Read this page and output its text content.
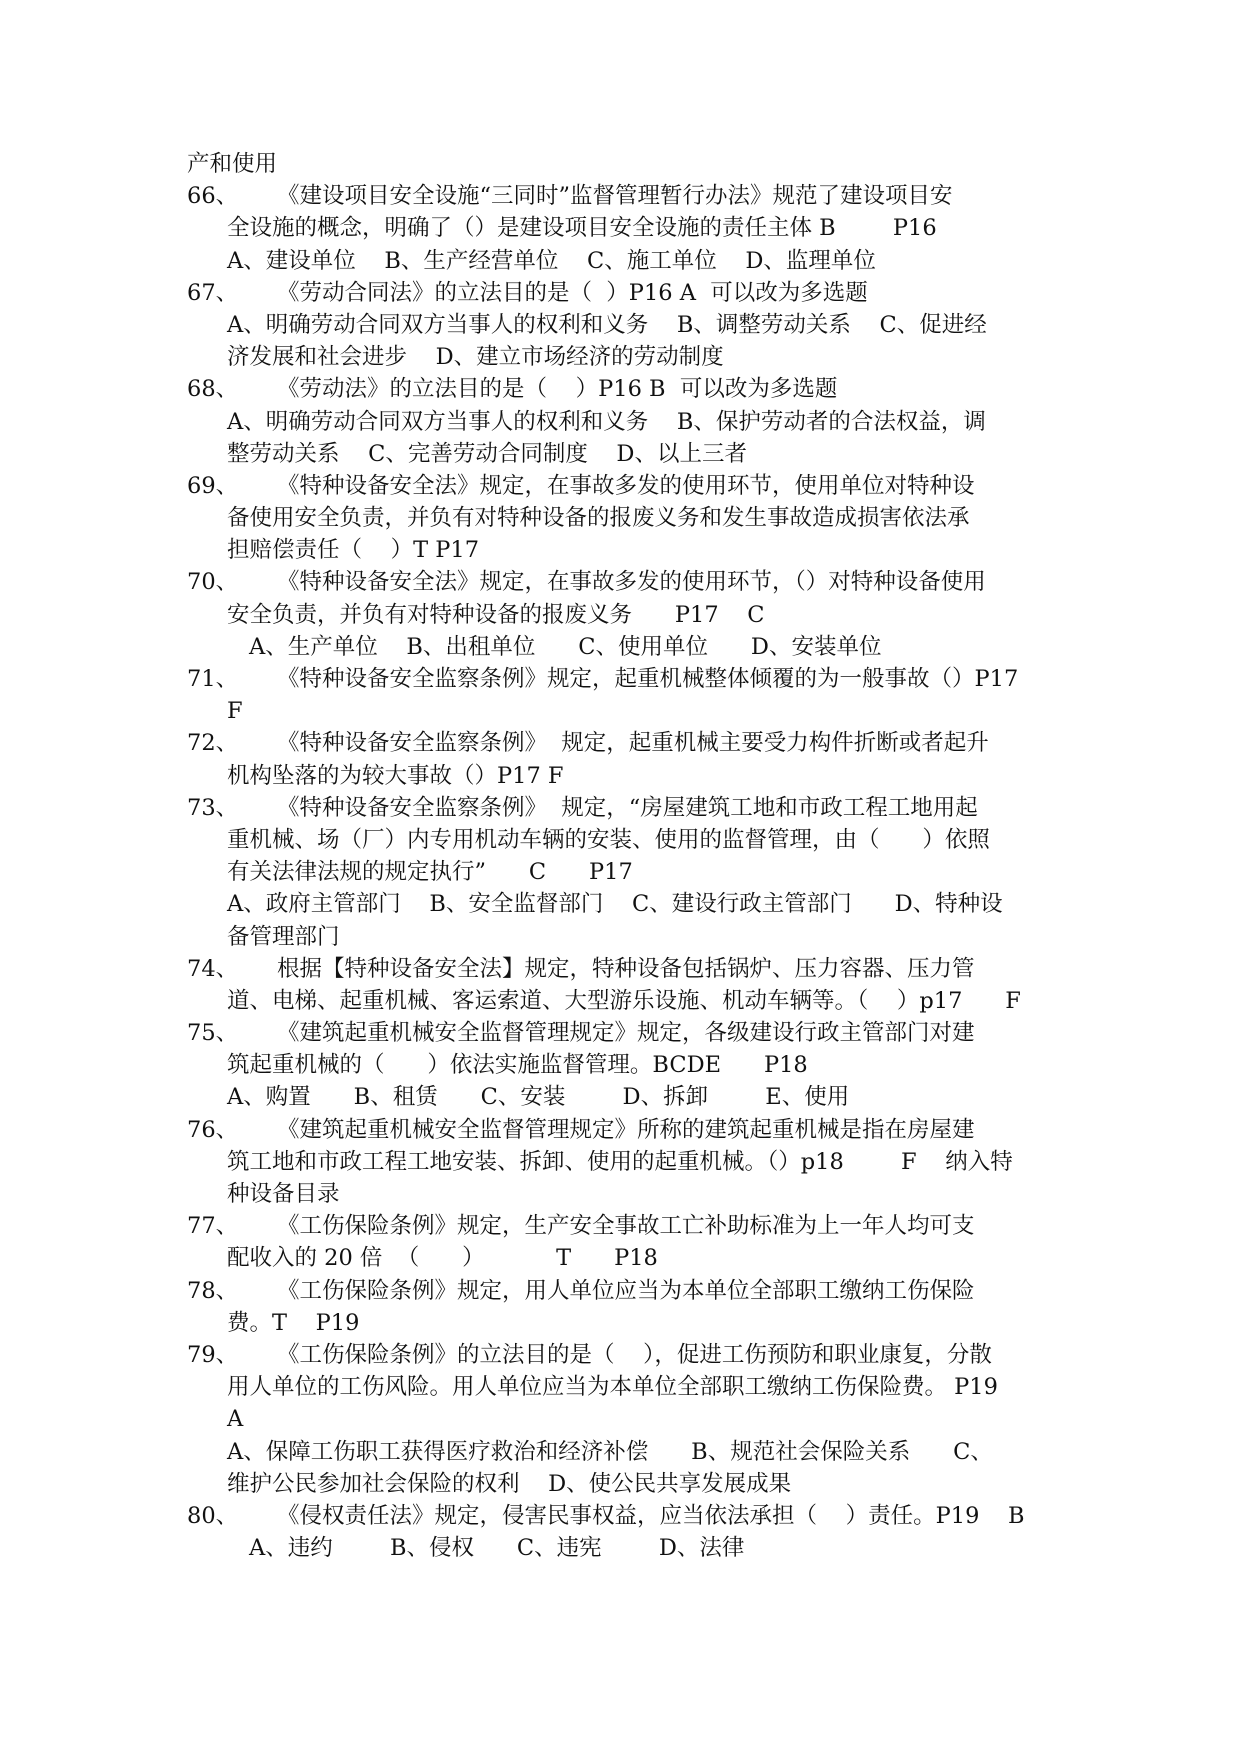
产和使用
66、	《建设项目安全设施“三同时”监督管理暂行办法》规范了建设项目安
全设施的概念，明确了（）是建设项目安全设施的责任主体 B        P16
A、建设单位    B、生产经营单位    C、施工单位    D、监理单位
67、	《劳动合同法》的立法目的是（  ）P16 A  可以改为多选题
A、明确劳动合同双方当事人的权利和义务    B、调整劳动关系    C、促进经
济发展和社会进步    D、建立市场经济的劳动制度
68、	《劳动法》的立法目的是（    ）P16 B  可以改为多选题
A、明确劳动合同双方当事人的权利和义务    B、保护劳动者的合法权益，调
整劳动关系    C、完善劳动合同制度    D、以上三者
69、	《特种设备安全法》规定，在事故多发的使用环节，使用单位对特种设
备使用安全负责，并负有对特种设备的报废义务和发生事故造成损害依法承
担赔偿责任（    ）T P17
70、	《特种设备安全法》规定，在事故多发的使用环节，（）对特种设备使用
安全负责，并负有对特种设备的报废义务      P17    C
A、生产单位    B、出租单位      C、使用单位      D、安装单位
71、	《特种设备安全监察条例》规定，起重机械整体倾覆的为一般事故（）P17
F
72、	《特种设备安全监察条例》  规定，起重机械主要受力构件折断或者起升
机构坠落的为较大事故（）P17 F
73、	《特种设备安全监察条例》  规定，“房屋建筑工地和市政工程工地用起
重机械、场（厂）内专用机动车辆的安装、使用的监督管理，由（      ）依照
有关法律法规的规定执行”      C      P17
A、政府主管部门    B、安全监督部门    C、建设行政主管部门      D、特种设
备管理部门
74、	根据【特种设备安全法】规定，特种设备包括锅炉、压力容器、压力管
道、电梯、起重机械、客运索道、大型游乐设施、机动车辆等。（    ）p17      F
75、	《建筑起重机械安全监督管理规定》规定，各级建设行政主管部门对建
筑起重机械的（      ）依法实施监督管理。BCDE      P18
A、购置      B、租赁      C、安装        D、拆卸        E、使用
76、	《建筑起重机械安全监督管理规定》所称的建筑起重机械是指在房屋建
筑工地和市政工程工地安装、拆卸、使用的起重机械。（）p18        F    纳入特
种设备目录
77、	《工伤保险条例》规定，生产安全事故工亡补助标准为上一年人均可支
配收入的 20 倍  （      ）          T      P18
78、	《工伤保险条例》规定，用人单位应当为本单位全部职工缴纳工伤保险
费。T    P19
79、	《工伤保险条例》的立法目的是（    ），促进工伤预防和职业康复，分散
用人单位的工伤风险。用人单位应当为本单位全部职工缴纳工伤保险费。 P19
A
A、保障工伤职工获得医疗救治和经济补偿      B、规范社会保险关系      C、
维护公民参加社会保险的权利    D、使公民共享发展成果
80、	《侵权责任法》规定，侵害民事权益，应当依法承担（    ）责任。P19    B
A、违约        B、侵权      C、违宪        D、法律
